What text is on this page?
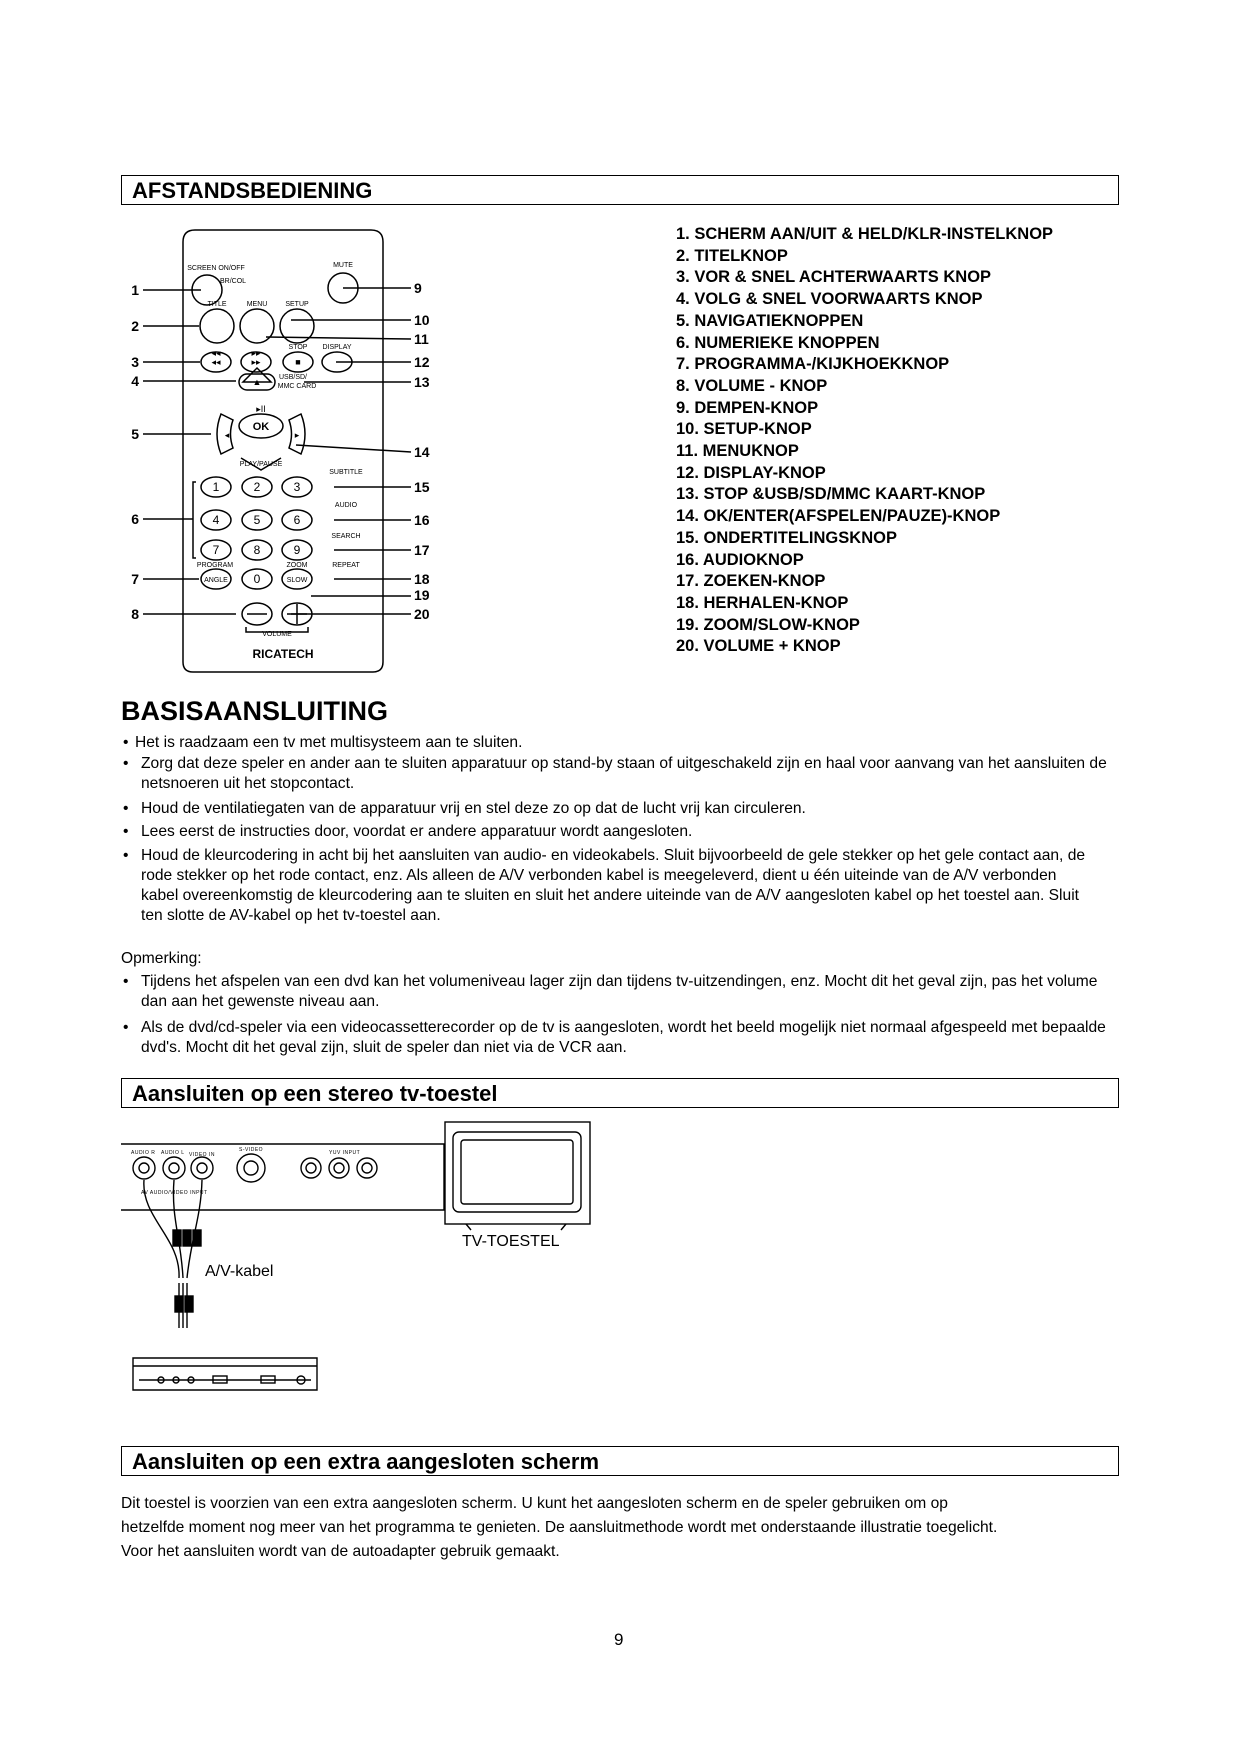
AFSTANDSBEDIENING
◂◂	▸▸	■
▲
▸II
◂	▸
◂◂	▸▸
SCREEN ON/OFF
BR/COL
MUTE
TITLE	MENU	SETUP
STOP DISPLAY
USB/SD/
MMC CARD
PLAY/PAUSE
SUBTITLE
AUDIO
SEARCH
PROGRAM	ZOOM	REPEAT
ANGLE	SLOW
VOLUME
OK
RICATECH
1	2	3
4	5	6
7	8	9
0
1
2
3
4
5
6
7
8
9
10
11
12
13
14
15
16
17
18
19
20
1. SCHERM AAN/UIT & HELD/KLR-INSTELKNOP
2. TITELKNOP
3. VOR & SNEL ACHTERWAARTS KNOP
4. VOLG & SNEL VOORWAARTS KNOP
5. NAVIGATIEKNOPPEN
6. NUMERIEKE KNOPPEN
7. PROGRAMMA-/KIJKHOEKKNOP
8. VOLUME - KNOP
9. DEMPEN-KNOP
10. SETUP-KNOP
11. MENUKNOP
12. DISPLAY-KNOP
13. STOP &USB/SD/MMC KAART-KNOP
14. OK/ENTER(AFSPELEN/PAUZE)-KNOP
15. ONDERTITELINGSKNOP
16. AUDIOKNOP
17. ZOEKEN-KNOP
18. HERHALEN-KNOP
19. ZOOM/SLOW-KNOP
20. VOLUME + KNOP
BASISAANSLUITING
• Het is raadzaam een tv met multisysteem aan te sluiten.
• Zorg dat deze speler en ander aan te sluiten apparatuur op stand-by staan of uitgeschakeld zijn en haal voor aanvang van het aansluiten de netsnoeren uit het stopcontact.
• Houd de ventilatiegaten van de apparatuur vrij en stel deze zo op dat de lucht vrij kan circuleren.
• Lees eerst de instructies door, voordat er andere apparatuur wordt aangesloten.
• Houd de kleurcodering in acht bij het aansluiten van audio- en videokabels. Sluit bijvoorbeeld de gele stekker op het gele contact aan, de rode stekker op het rode contact, enz. Als alleen de A/V verbonden kabel is meegeleverd, dient u één uiteinde van de A/V verbonden kabel overeenkomstig de kleurcodering aan te sluiten en sluit het andere uiteinde van de A/V aangesloten kabel op het toestel aan. Sluit ten slotte de AV-kabel op het tv-toestel aan.
Opmerking:
• Tijdens het afspelen van een dvd kan het volumeniveau lager zijn dan tijdens tv-uitzendingen, enz. Mocht dit het geval zijn, pas het volume dan aan het gewenste niveau aan.
• Als de dvd/cd-speler via een videocassetterecorder op de tv is aangesloten, wordt het beeld mogelijk niet normaal afgespeeld met bepaalde dvd's. Mocht dit het geval zijn, sluit de speler dan niet via de VCR aan.
Aansluiten op een stereo tv-toestel
AUDIO R AUDIO L VIDEO IN
S-VIDEO	YUV INPUT
AV AUDIO/VIDEO INPUT
TV-TOESTEL
A/V-kabel
Aansluiten op een extra aangesloten scherm
Dit toestel is voorzien van een extra aangesloten scherm. U kunt het aangesloten scherm en de speler gebruiken om op
hetzelfde moment nog meer van het programma te genieten. De aansluitmethode wordt met onderstaande illustratie toegelicht.
Voor het aansluiten wordt van de autoadapter gebruik gemaakt.
9
